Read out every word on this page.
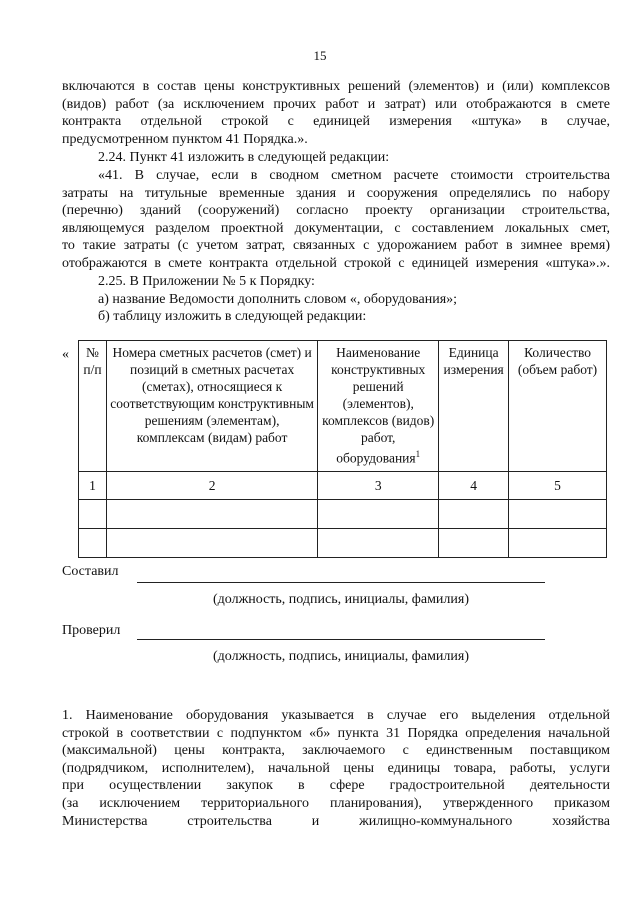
15
включаются в состав цены конструктивных решений (элементов) и (или) комплексов
(видов) работ (за исключением прочих работ и затрат) или отображаются в смете
контракта отдельной строкой с единицей измерения «штука» в случае,
предусмотренном пунктом 41 Порядка.».
2.24. Пункт 41 изложить в следующей редакции:
«41. В случае, если в сводном сметном расчете стоимости строительства
затраты на титульные временные здания и сооружения определялись по набору
(перечню) зданий (сооружений) согласно проекту организации строительства,
являющемуся разделом проектной документации, с составлением локальных смет,
то такие затраты (с учетом затрат, связанных с удорожанием работ в зимнее время)
отображаются в смете контракта отдельной строкой с единицей измерения «штука».».
2.25. В Приложении № 5 к Порядку:
а) название Ведомости дополнить словом «, оборудования»;
б) таблицу изложить в следующей редакции:
« № п/п	Номера сметных расчетов (смет) и позиций в сметных расчетах (сметах), относящиеся к соответствующим конструктивным решениям (элементам), комплексам (видам) работ	Наименование конструктивных решений (элементов), комплексов (видов) работ, оборудования$^1$	Единица измерения	Количество (объем работ)
1	2	3	4	5

Составил
(должность, подпись, инициалы, фамилия)
Проверил
(должность, подпись, инициалы, фамилия)
1. Наименование оборудования указывается в случае его выделения отдельной
строкой в соответствии с подпунктом «б» пункта 31 Порядка определения начальной
(максимальной) цены контракта, заключаемого с единственным поставщиком
(подрядчиком, исполнителем), начальной цены единицы товара, работы, услуги
при осуществлении закупок в сфере градостроительной деятельности
(за исключением территориального планирования), утвержденного приказом
Министерства строительства и жилищно-коммунального хозяйства
